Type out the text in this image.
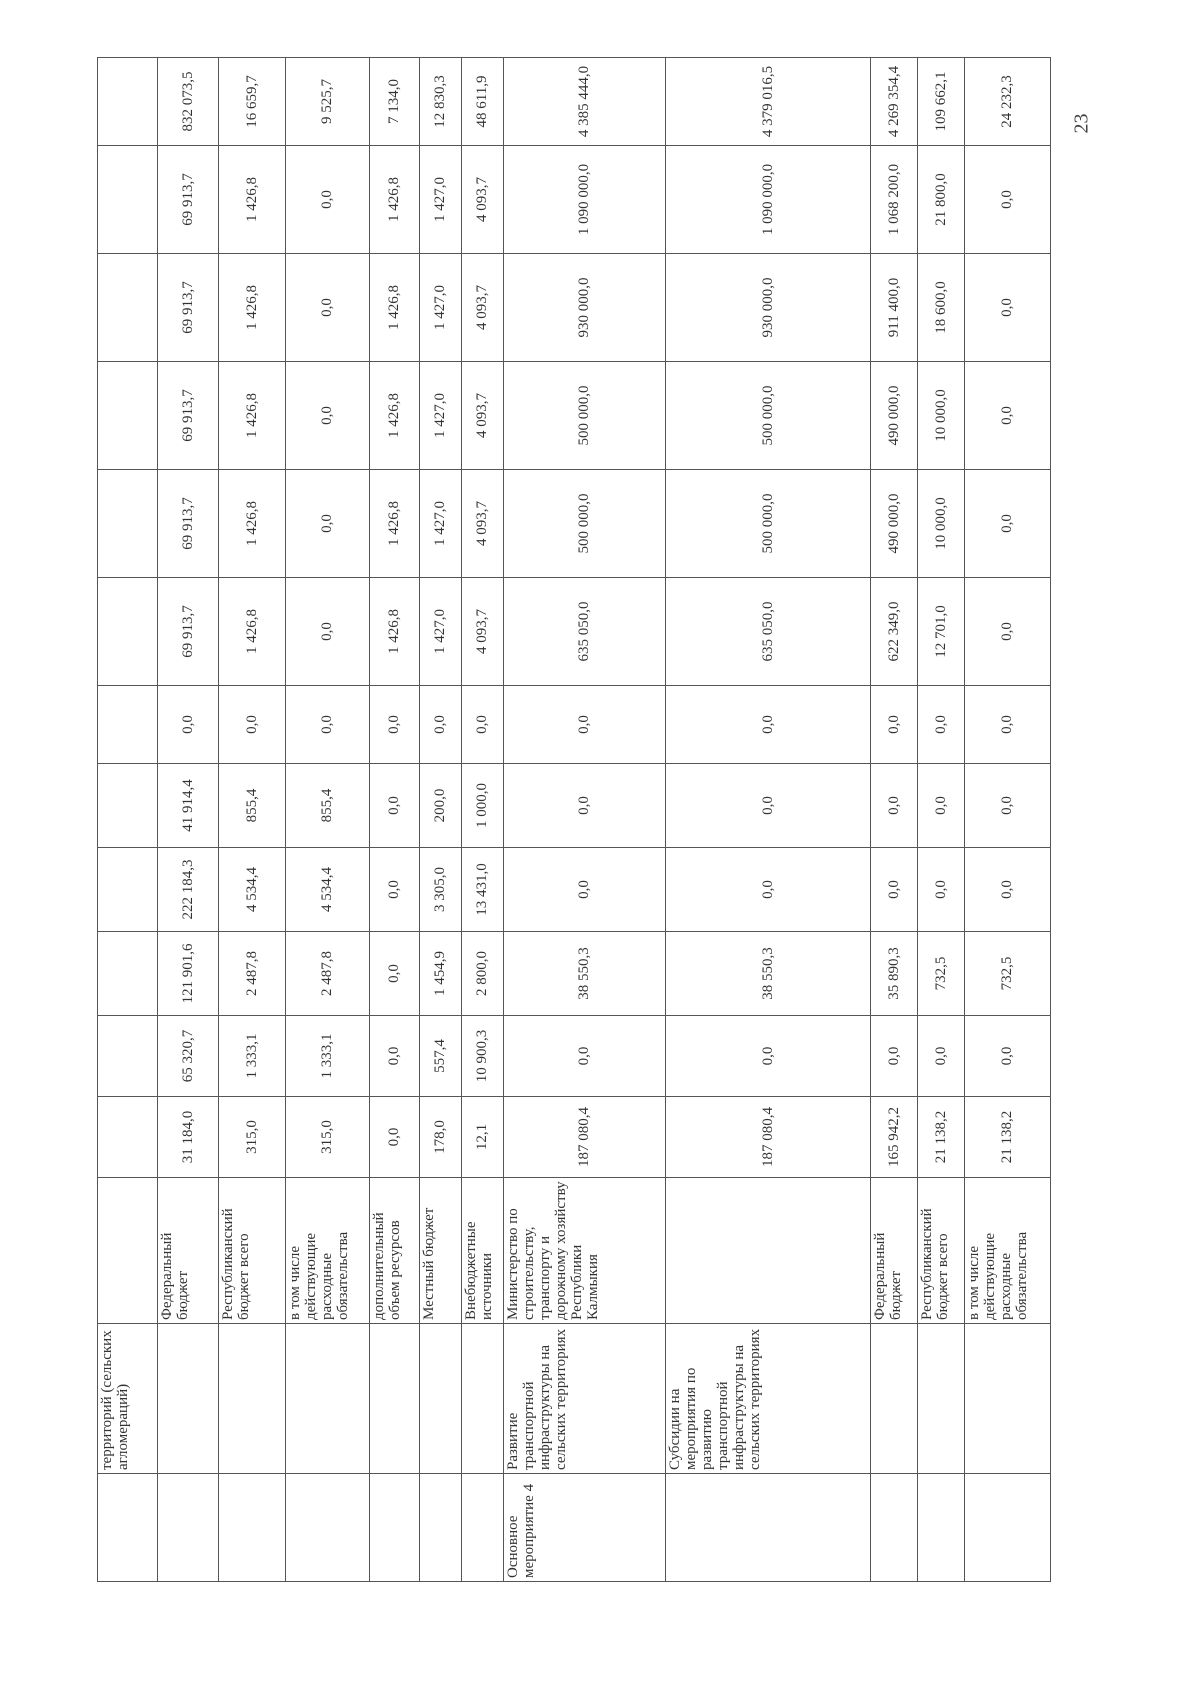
23
	территорий (сельских агломераций)													
		Федеральный бюджет	31 184,0	65 320,7	121 901,6	222 184,3	41 914,4	0,0	69 913,7	69 913,7	69 913,7	69 913,7	69 913,7	832 073,5
		Республиканский бюджет всего	315,0	1 333,1	2 487,8	4 534,4	855,4	0,0	1 426,8	1 426,8	1 426,8	1 426,8	1 426,8	16 659,7
		в том числе действующие расходные обязательства	315,0	1 333,1	2 487,8	4 534,4	855,4	0,0	0,0	0,0	0,0	0,0	0,0	9 525,7
		дополнительный объем ресурсов	0,0	0,0	0,0	0,0	0,0	0,0	1 426,8	1 426,8	1 426,8	1 426,8	1 426,8	7 134,0
		Местный бюджет	178,0	557,4	1 454,9	3 305,0	200,0	0,0	1 427,0	1 427,0	1 427,0	1 427,0	1 427,0	12 830,3
		Внебюджетные источники	12,1	10 900,3	2 800,0	13 431,0	1 000,0	0,0	4 093,7	4 093,7	4 093,7	4 093,7	4 093,7	48 611,9
Основное мероприятие 4	Развитие транспортной инфраструктуры на сельских территориях	Министерство по строительству, транспорту и дорожному хозяйству Республики Калмыкия	187 080,4	0,0	38 550,3	0,0	0,0	0,0	635 050,0	500 000,0	500 000,0	930 000,0	1 090 000,0	4 385 444,0
	Субсидии на мероприятия по развитию транспортной инфраструктуры на сельских территориях		187 080,4	0,0	38 550,3	0,0	0,0	0,0	635 050,0	500 000,0	500 000,0	930 000,0	1 090 000,0	4 379 016,5
		Федеральный бюджет	165 942,2	0,0	35 890,3	0,0	0,0	0,0	622 349,0	490 000,0	490 000,0	911 400,0	1 068 200,0	4 269 354,4
		Республиканский бюджет всего	21 138,2	0,0	732,5	0,0	0,0	0,0	12 701,0	10 000,0	10 000,0	18 600,0	21 800,0	109 662,1
		в том числе действующие расходные обязательства	21 138,2	0,0	732,5	0,0	0,0	0,0	0,0	0,0	0,0	0,0	0,0	24 232,3
